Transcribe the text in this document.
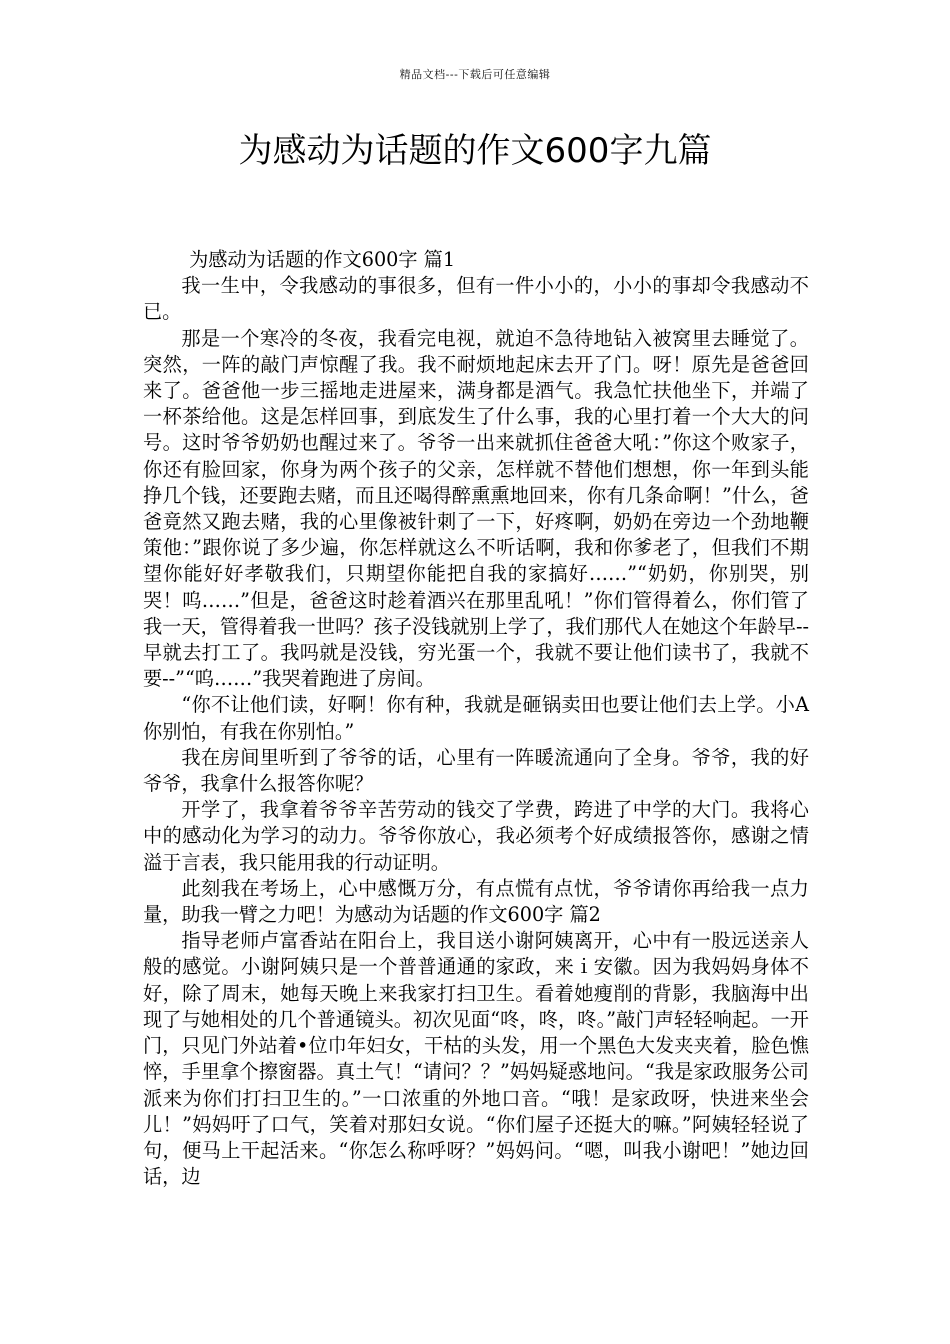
精品文档---下载后可任意编辑
为感动为话题的作文600字九篇

为感动为话题的作文600字 篇1

我一生中，令我感动的事很多，但有一件小小的，小小的事却令我感动不已。

那是一个寒冷的冬夜，我看完电视，就迫不急待地钻入被窝里去睡觉了。突然，一阵的敲门声惊醒了我。我不耐烦地起床去开了门。呀！原先是爸爸回来了。爸爸他一步三摇地走进屋来，满身都是酒气。我急忙扶他坐下，并端了一杯茶给他。这是怎样回事，到底发生了什么事，我的心里打着一个大大的问号。这时爷爷奶奶也醒过来了。爷爷一出来就抓住爸爸大吼：”你这个败家子，你还有脸回家，你身为两个孩子的父亲，怎样就不替他们想想，你一年到头能挣几个钱，还要跑去赌，而且还喝得醉熏熏地回来，你有几条命啊！”什么，爸爸竟然又跑去赌，我的心里像被针刺了一下，好疼啊，奶奶在旁边一个劲地鞭策他：”跟你说了多少遍，你怎样就这么不听话啊，我和你爹老了，但我们不期望你能好好孝敬我们，只期望你能把自我的家搞好……”“奶奶，你别哭，别哭！呜……”但是，爸爸这时趁着酒兴在那里乱吼！”你们管得着么，你们管了我一天，管得着我一世吗？孩子没钱就别上学了，我们那代人在她这个年龄早--早就去打工了。我吗就是没钱，穷光蛋一个，我就不要让他们读书了，我就不要--”“呜……”我哭着跑进了房间。

“你不让他们读，好啊！你有种，我就是砸锅卖田也要让他们去上学。小A你别怕，有我在你别怕。”

我在房间里听到了爷爷的话，心里有一阵暖流通向了全身。爷爷，我的好爷爷，我拿什么报答你呢？

开学了，我拿着爷爷辛苦劳动的钱交了学费，跨进了中学的大门。我将心中的感动化为学习的动力。爷爷你放心，我必须考个好成绩报答你，感谢之情溢于言表，我只能用我的行动证明。

此刻我在考场上，心中感慨万分，有点慌有点忧，爷爷请你再给我一点力量，助我一臂之力吧！为感动为话题的作文600字 篇2

指导老师卢富香站在阳台上，我目送小谢阿姨离开，心中有一股远送亲人般的感觉。小谢阿姨只是一个普普通通的家政，来ｉ安徽。因为我妈妈身体不好，除了周末，她每天晚上来我家打扫卫生。看着她瘦削的背影，我脑海中出现了与她相处的几个普通镜头。初次见面“咚，咚，咚。”敲门声轻轻响起。一开门，只见门外站着•位巾年妇女，干枯的头发，用一个黑色大发夹夹着，脸色憔悴，手里拿个擦窗器。真土气！“请问？？”妈妈疑惑地问。“我是家政服务公司派来为你们打扫卫生的。”一口浓重的外地口音。“哦！是家政呀，快进来坐会儿！”妈妈吁了口气，笑着对那妇女说。“你们屋子还挺大的嘛。”阿姨轻轻说了句，便马上干起活来。“你怎么称呼呀？”妈妈问。“嗯，叫我小谢吧！”她边回话，边
